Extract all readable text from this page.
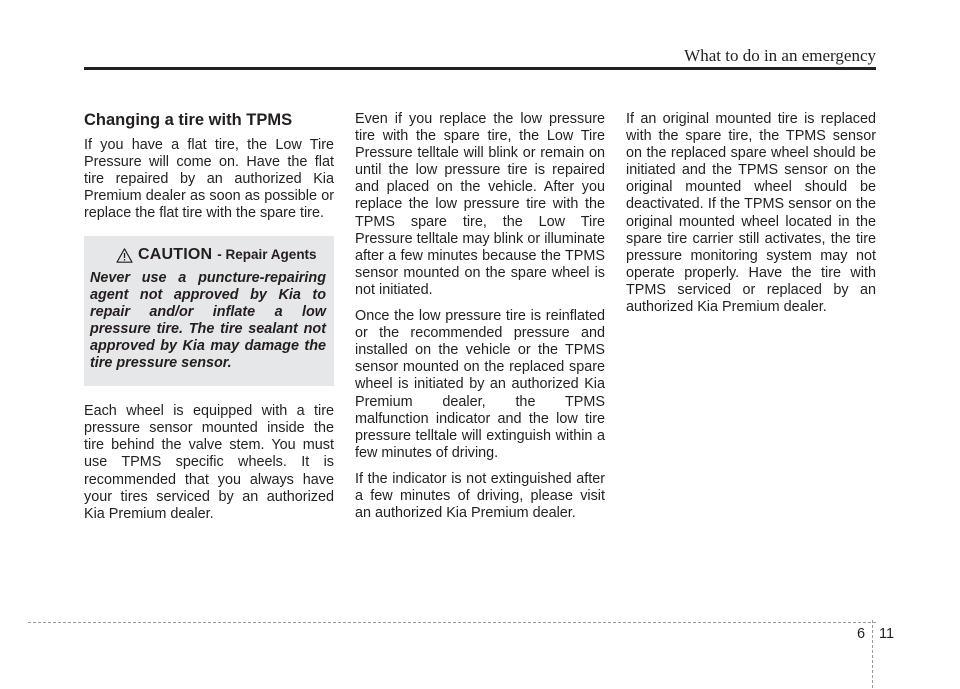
What to do in an emergency
Changing a tire with TPMS

If you have a flat tire, the Low Tire Pressure will come on. Have the flat tire repaired by an authorized Kia Premium dealer as soon as possible or replace the flat tire with the spare tire.

CAUTION - Repair Agents
Never use a puncture-repairing agent not approved by Kia to repair and/or inflate a low pressure tire. The tire sealant not approved by Kia may damage the tire pressure sensor.

Each wheel is equipped with a tire pressure sensor mounted inside the tire behind the valve stem. You must use TPMS specific wheels. It is recommended that you always have your tires serviced by an authorized Kia Premium dealer.

Even if you replace the low pressure tire with the spare tire, the Low Tire Pressure telltale will blink or remain on until the low pressure tire is repaired and placed on the vehicle. After you replace the low pressure tire with the TPMS spare tire, the Low Tire Pressure telltale may blink or illuminate after a few minutes because the TPMS sensor mounted on the spare wheel is not initiated.

Once the low pressure tire is reinflated or the recommended pressure and installed on the vehicle or the TPMS sensor mounted on the replaced spare wheel is initiated by an authorized Kia Premium dealer, the TPMS malfunction indicator and the low tire pressure telltale will extinguish within a few minutes of driving.

If the indicator is not extinguished after a few minutes of driving, please visit an authorized Kia Premium dealer.

If an original mounted tire is replaced with the spare tire, the TPMS sensor on the replaced spare wheel should be initiated and the TPMS sensor on the original mounted wheel should be deactivated. If the TPMS sensor on the original mounted wheel located in the spare tire carrier still activates, the tire pressure monitoring system may not operate properly. Have the tire with TPMS serviced or replaced by an authorized Kia Premium dealer.

6 11
